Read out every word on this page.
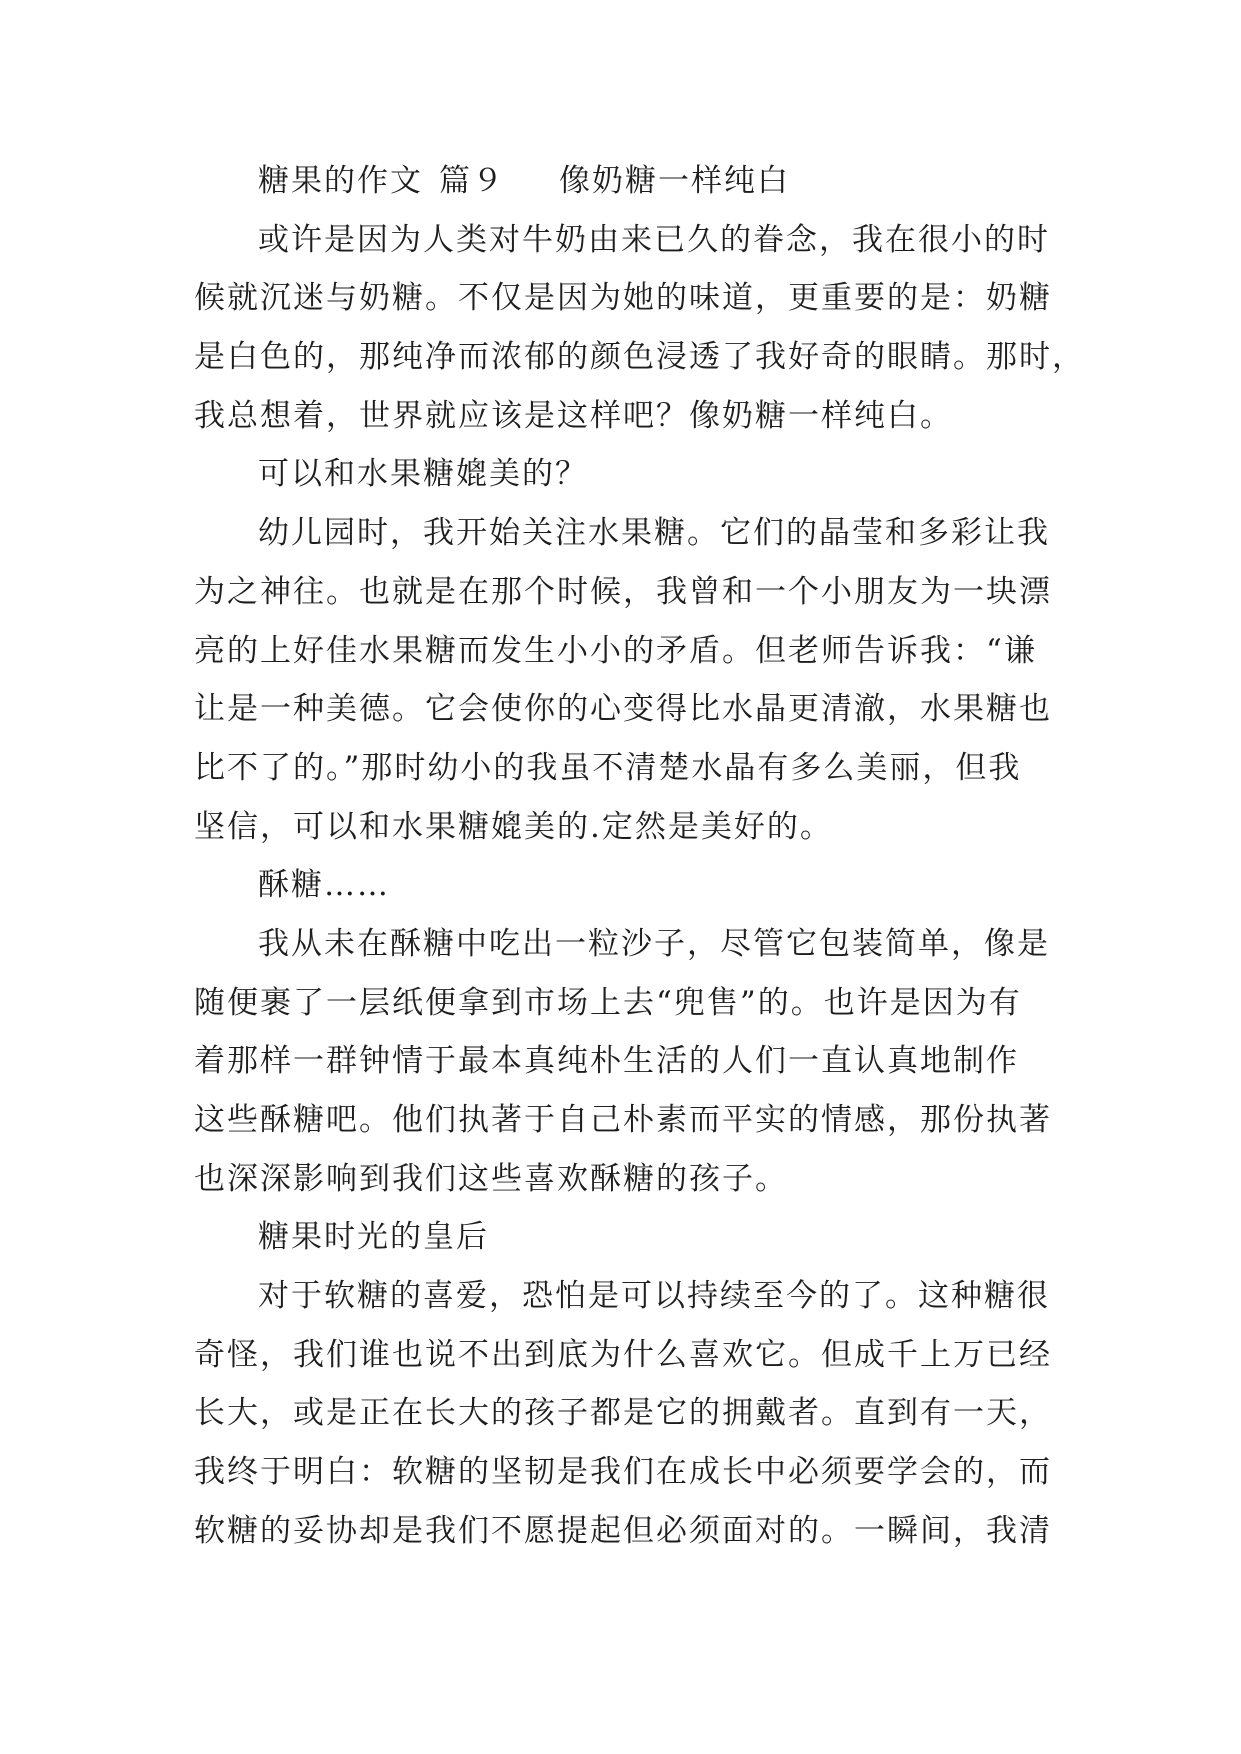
糖果的作文 篇９ 像奶糖一样纯白
或许是因为人类对牛奶由来已久的眷念，我在很小的时
候就沉迷与奶糖。不仅是因为她的味道，更重要的是：奶糖
是白色的，那纯净而浓郁的颜色浸透了我好奇的眼睛。那时，
我总想着，世界就应该是这样吧？像奶糖一样纯白。
可以和水果糖媲美的？
幼儿园时，我开始关注水果糖。它们的晶莹和多彩让我
为之神往。也就是在那个时候，我曾和一个小朋友为一块漂
亮的上好佳水果糖而发生小小的矛盾。但老师告诉我：“谦
让是一种美德。它会使你的心变得比水晶更清澈，水果糖也
比不了的。”那时幼小的我虽不清楚水晶有多么美丽，但我
坚信，可以和水果糖媲美的.定然是美好的。
酥糖……
我从未在酥糖中吃出一粒沙子，尽管它包装简单，像是
随便裹了一层纸便拿到市场上去“兜售”的。也许是因为有
着那样一群钟情于最本真纯朴生活的人们一直认真地制作
这些酥糖吧。他们执著于自己朴素而平实的情感，那份执著
也深深影响到我们这些喜欢酥糖的孩子。
糖果时光的皇后
对于软糖的喜爱，恐怕是可以持续至今的了。这种糖很
奇怪，我们谁也说不出到底为什么喜欢它。但成千上万已经
长大，或是正在长大的孩子都是它的拥戴者。直到有一天，
我终于明白：软糖的坚韧是我们在成长中必须要学会的，而
软糖的妥协却是我们不愿提起但必须面对的。一瞬间，我清
